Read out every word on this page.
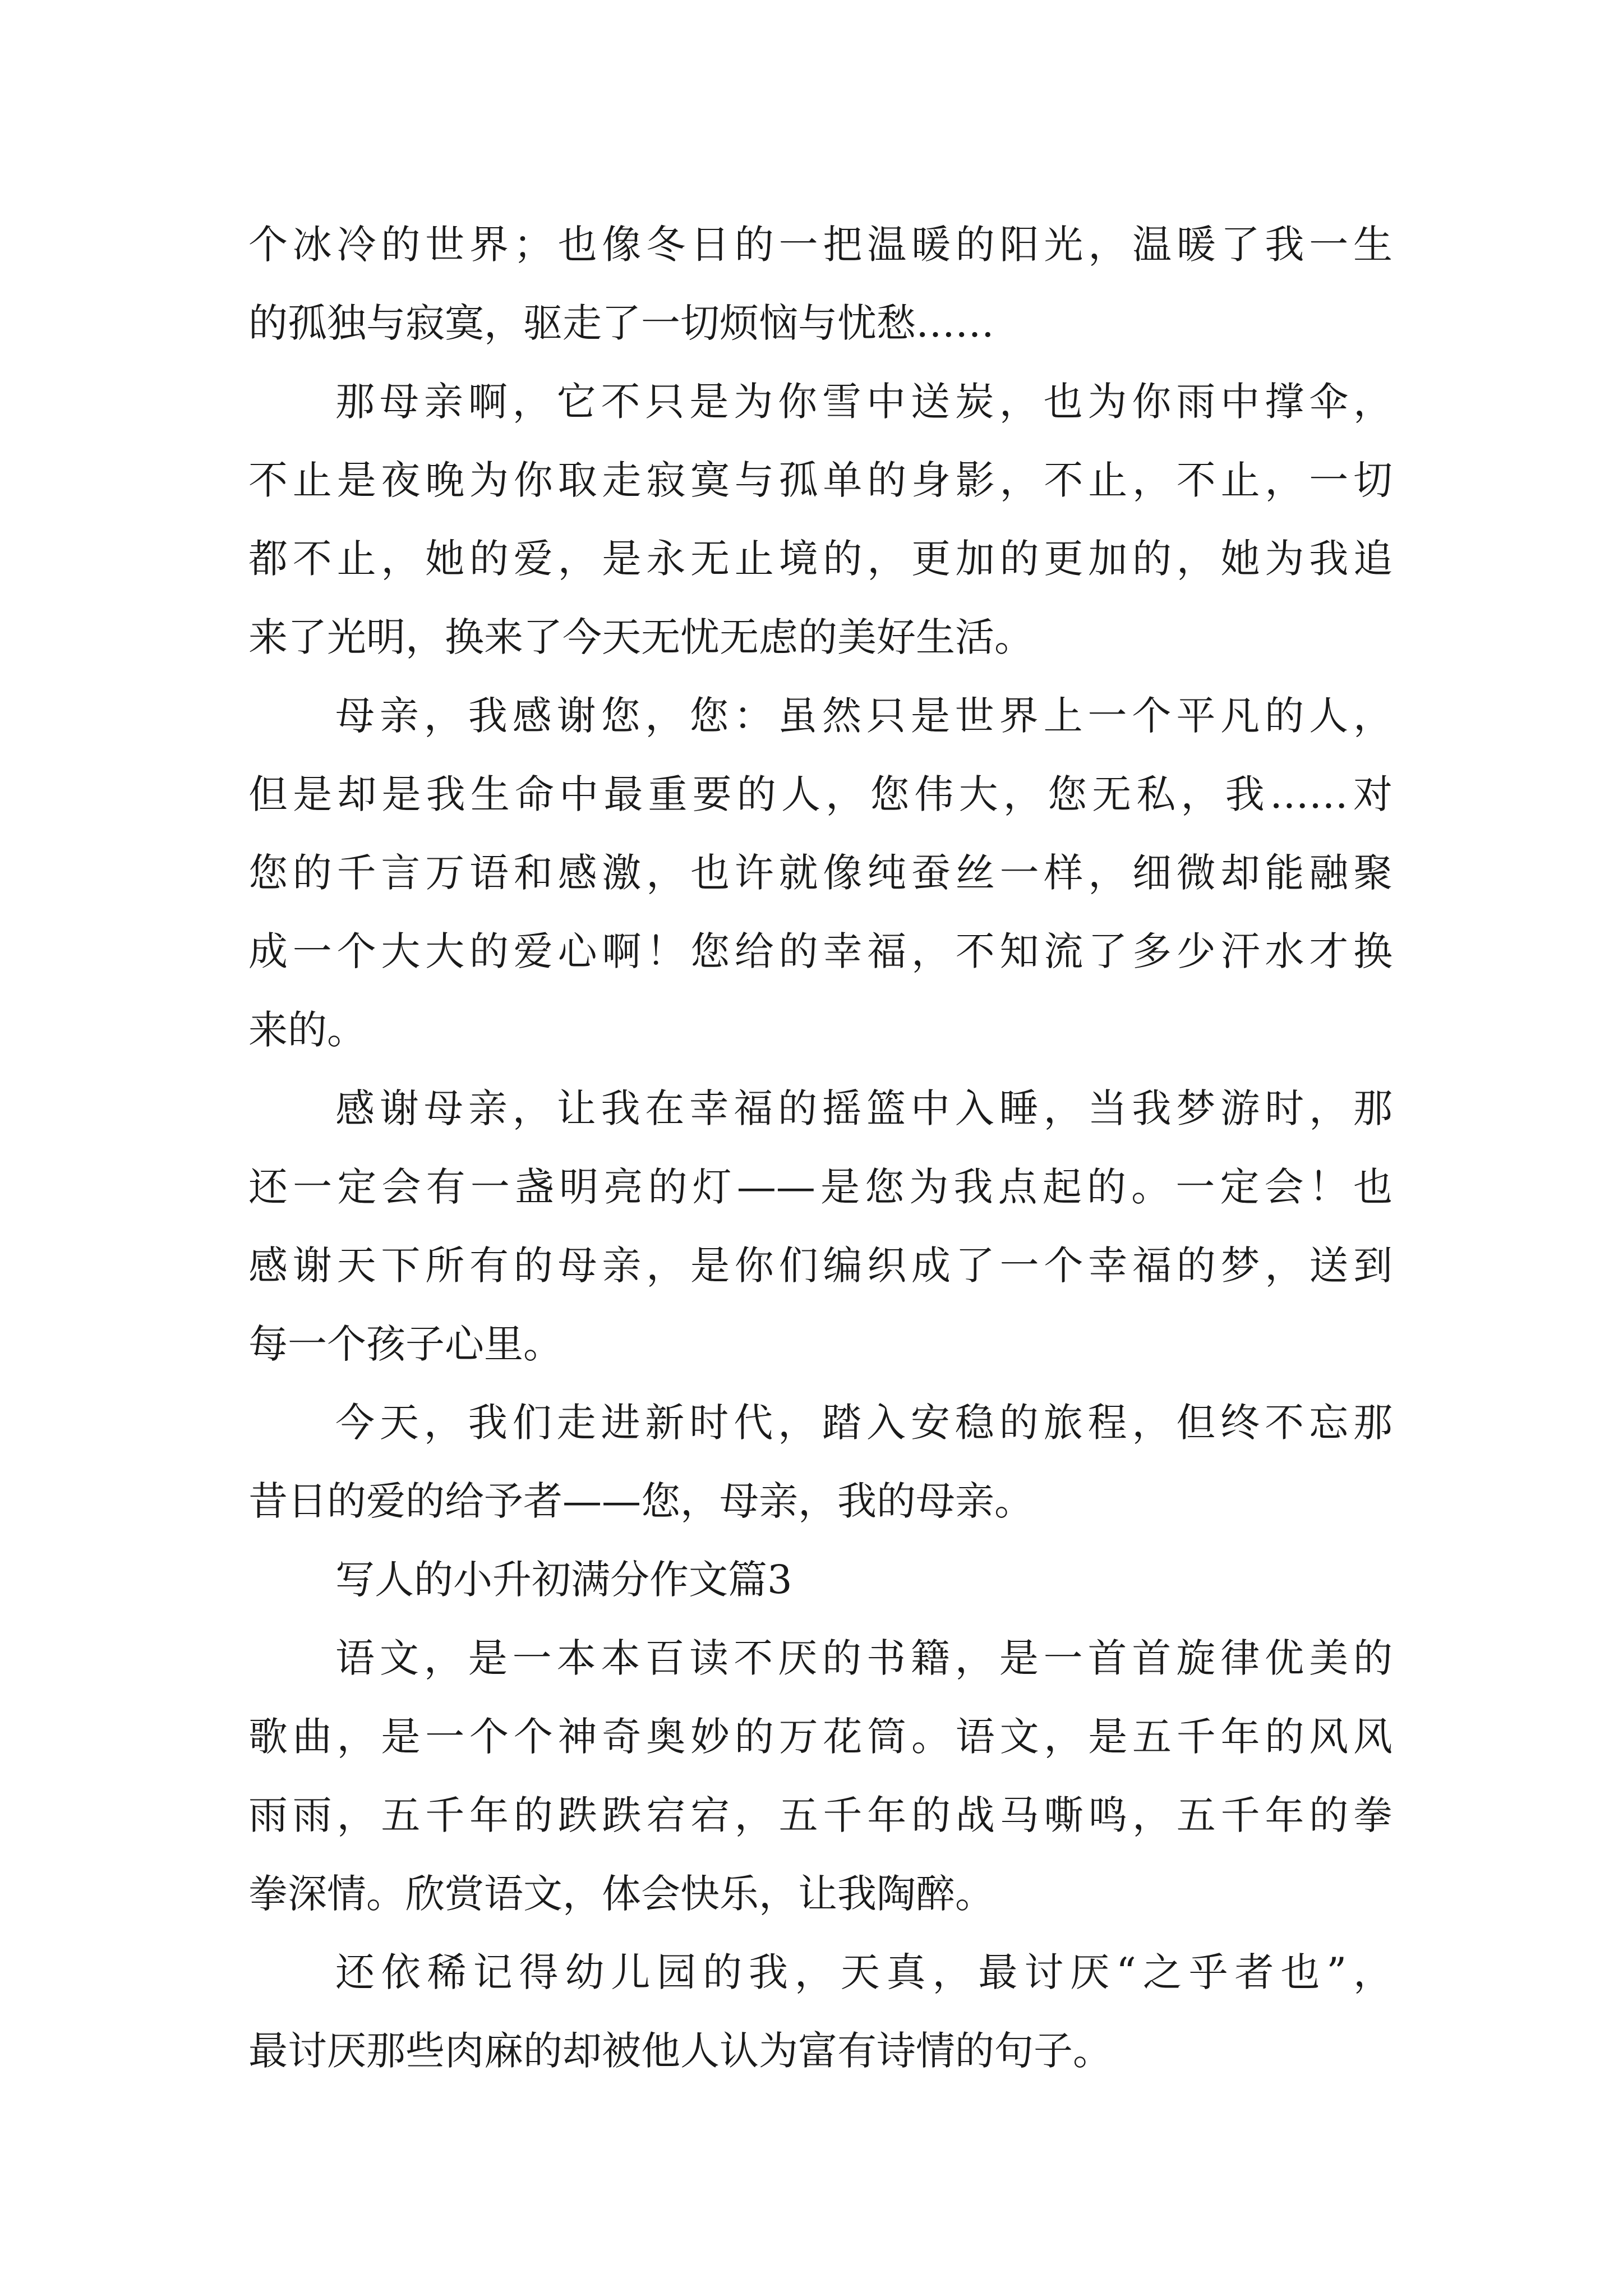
个冰冷的世界；也像冬日的一把温暖的阳光，温暖了我一生

的孤独与寂寞，驱走了一切烦恼与忧愁……

那母亲啊，它不只是为你雪中送炭，也为你雨中撑伞，

不止是夜晚为你取走寂寞与孤单的身影，不止，不止，一切

都不止，她的爱，是永无止境的，更加的更加的，她为我追

来了光明，换来了今天无忧无虑的美好生活。

母亲，我感谢您，您：虽然只是世界上一个平凡的人，

但是却是我生命中最重要的人，您伟大，您无私，我……对

您的千言万语和感激，也许就像纯蚕丝一样，细微却能融聚

成一个大大的爱心啊！您给的幸福，不知流了多少汗水才换

来的。

感谢母亲，让我在幸福的摇篮中入睡，当我梦游时，那

还一定会有一盏明亮的灯——是您为我点起的。一定会！也

感谢天下所有的母亲，是你们编织成了一个幸福的梦，送到

每一个孩子心里。

今天，我们走进新时代，踏入安稳的旅程，但终不忘那

昔日的爱的给予者——您，母亲，我的母亲。

写人的小升初满分作文篇3

语文，是一本本百读不厌的书籍，是一首首旋律优美的

歌曲，是一个个神奇奥妙的万花筒。语文，是五千年的风风

雨雨，五千年的跌跌宕宕，五千年的战马嘶鸣，五千年的拳

拳深情。欣赏语文，体会快乐，让我陶醉。

还依稀记得幼儿园的我，天真，最讨厌“之乎者也”，

最讨厌那些肉麻的却被他人认为富有诗情的句子。
